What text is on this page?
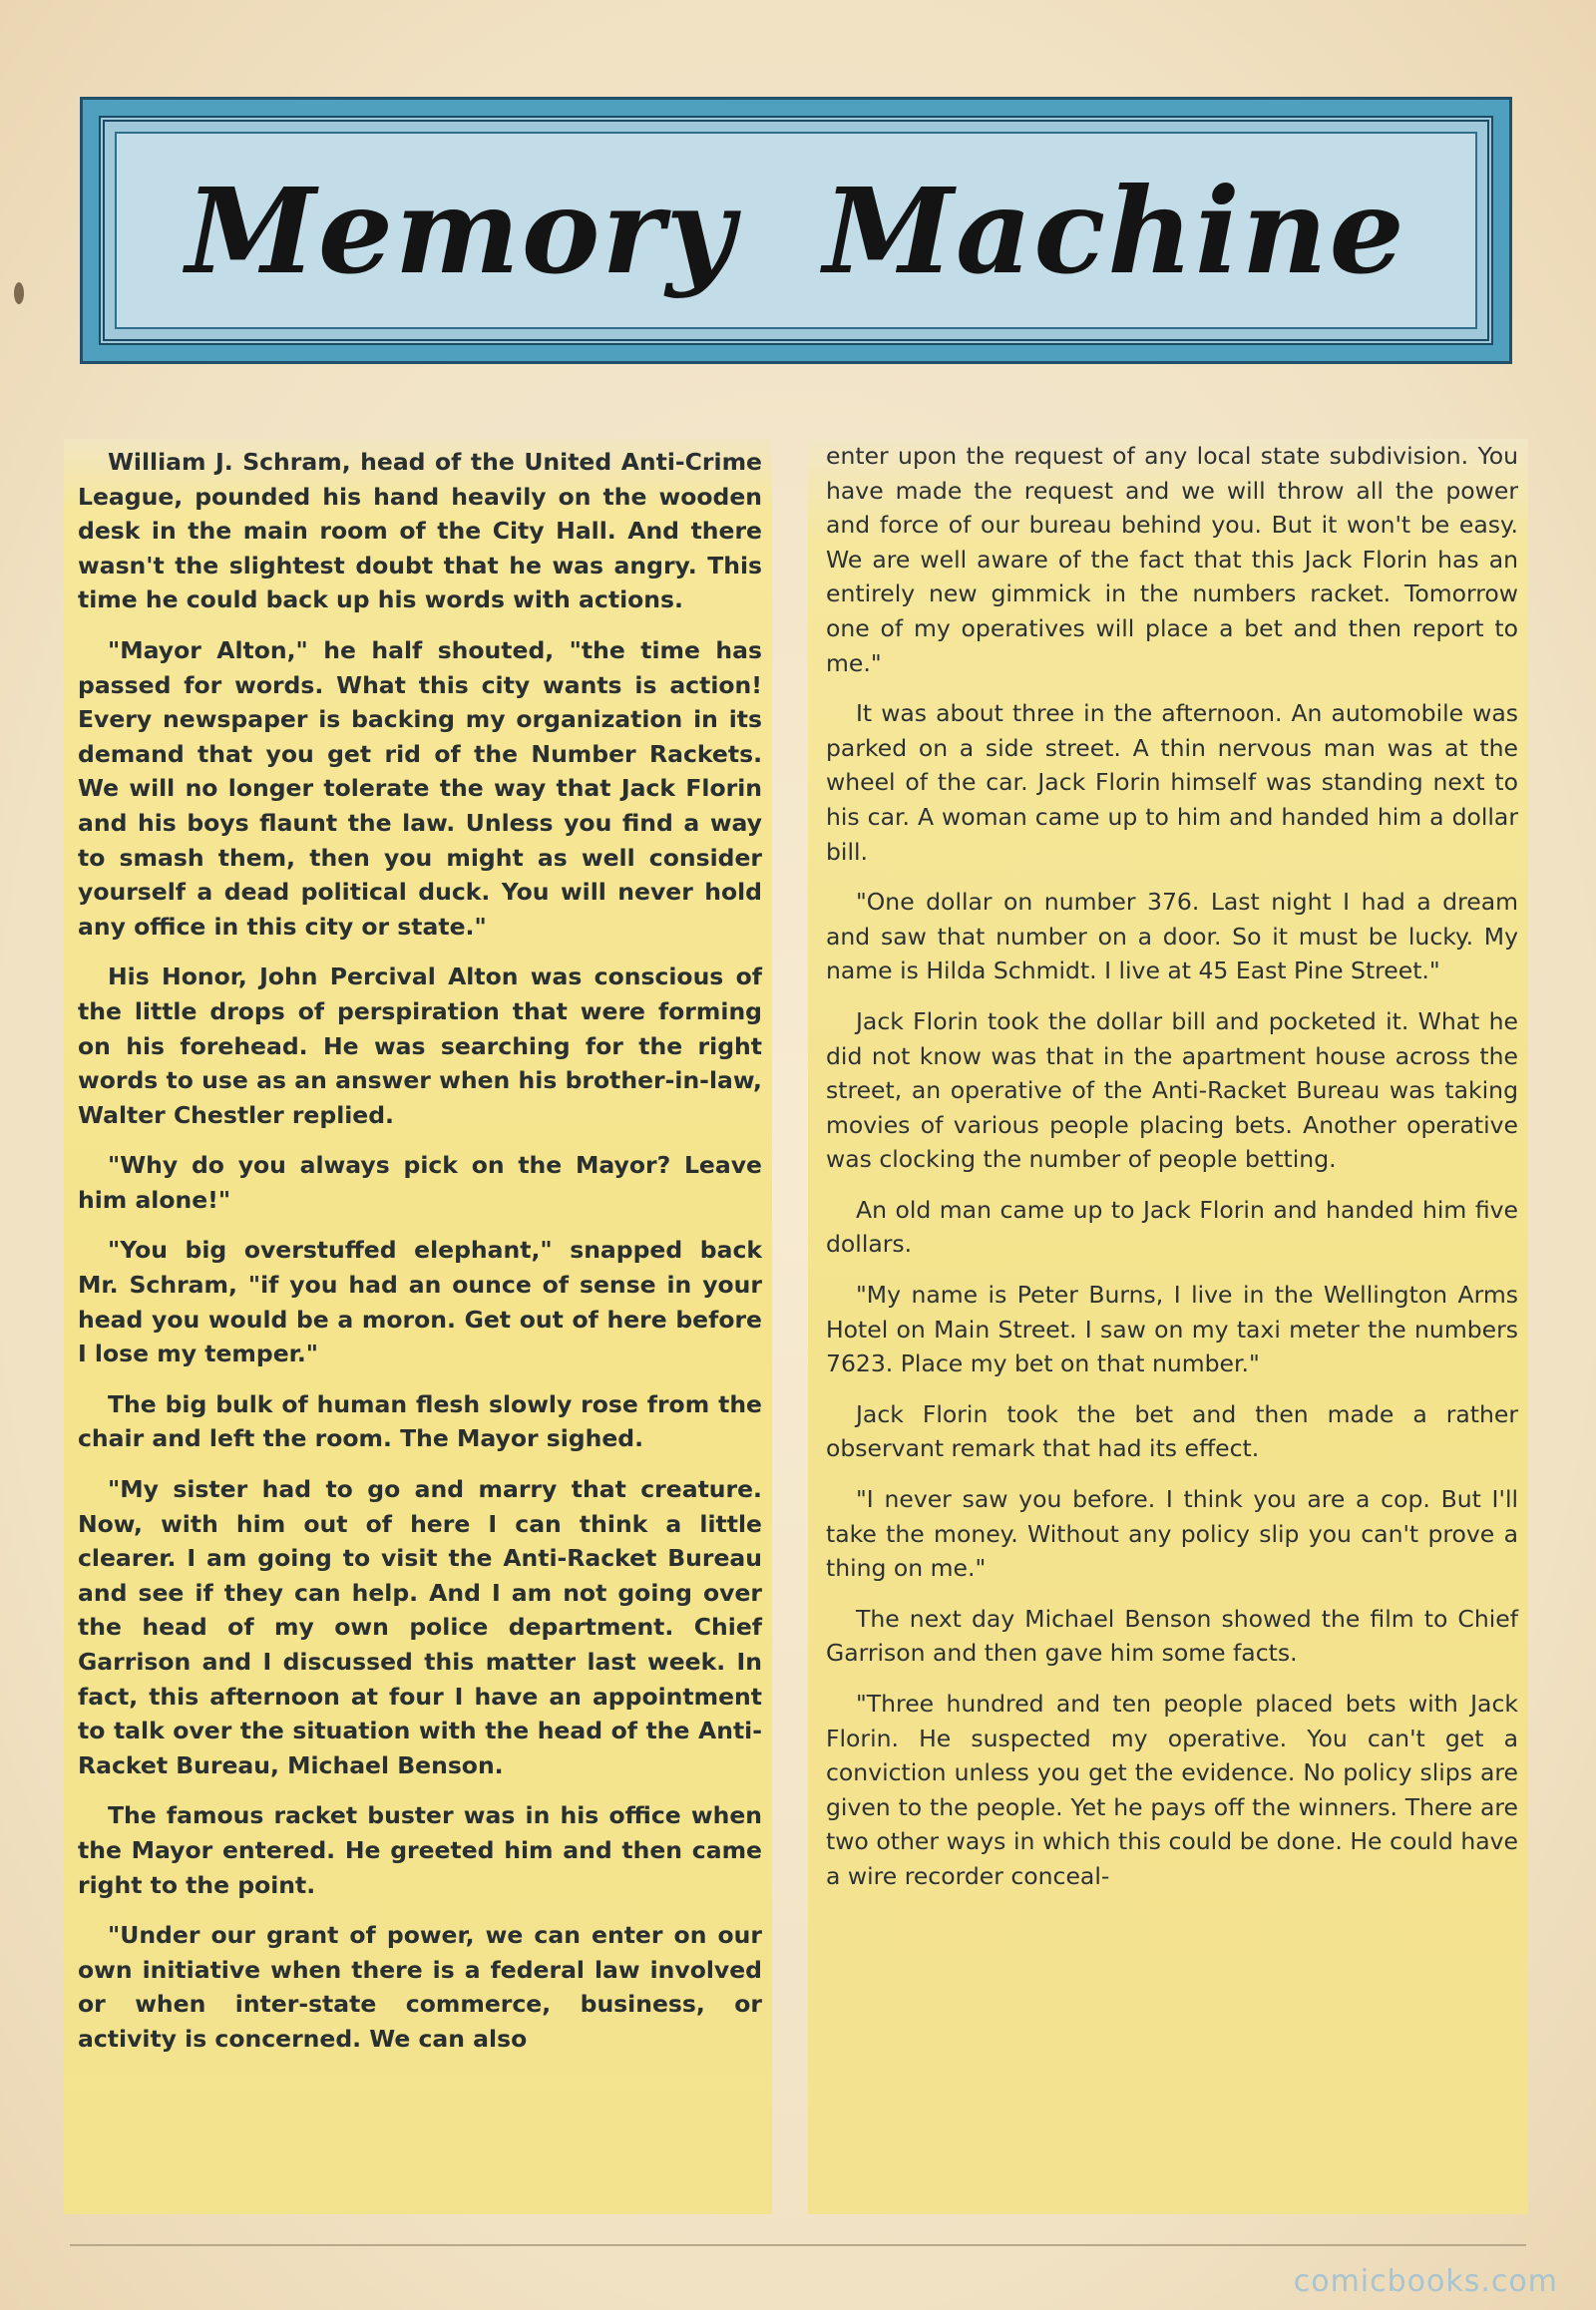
Memory Machine

William J. Schram, head of the United Anti-Crime League, pounded his hand heavily on the wooden desk in the main room of the City Hall. And there wasn't the slightest doubt that he was angry. This time he could back up his words with actions.

"Mayor Alton," he half shouted, "the time has passed for words. What this city wants is action! Every newspaper is backing my organization in its demand that you get rid of the Number Rackets. We will no longer tolerate the way that Jack Florin and his boys flaunt the law. Unless you find a way to smash them, then you might as well consider yourself a dead political duck. You will never hold any office in this city or state."

His Honor, John Percival Alton was conscious of the little drops of perspiration that were forming on his forehead. He was searching for the right words to use as an answer when his brother-in-law, Walter Chestler replied.

"Why do you always pick on the Mayor? Leave him alone!"

"You big overstuffed elephant," snapped back Mr. Schram, "if you had an ounce of sense in your head you would be a moron. Get out of here before I lose my temper."

The big bulk of human flesh slowly rose from the chair and left the room. The Mayor sighed.

"My sister had to go and marry that creature. Now, with him out of here I can think a little clearer. I am going to visit the Anti-Racket Bureau and see if they can help. And I am not going over the head of my own police department. Chief Garrison and I discussed this matter last week. In fact, this afternoon at four I have an appointment to talk over the situation with the head of the Anti-Racket Bureau, Michael Benson.

The famous racket buster was in his office when the Mayor entered. He greeted him and then came right to the point.

"Under our grant of power, we can enter on our own initiative when there is a federal law involved or when inter-state commerce, business, or activity is concerned. We can also

enter upon the request of any local state subdivision. You have made the request and we will throw all the power and force of our bureau behind you. But it won't be easy. We are well aware of the fact that this Jack Florin has an entirely new gimmick in the numbers racket. Tomorrow one of my operatives will place a bet and then report to me."

It was about three in the afternoon. An automobile was parked on a side street. A thin nervous man was at the wheel of the car. Jack Florin himself was standing next to his car. A woman came up to him and handed him a dollar bill.

"One dollar on number 376. Last night I had a dream and saw that number on a door. So it must be lucky. My name is Hilda Schmidt. I live at 45 East Pine Street."

Jack Florin took the dollar bill and pocketed it. What he did not know was that in the apartment house across the street, an operative of the Anti-Racket Bureau was taking movies of various people placing bets. Another operative was clocking the number of people betting.

An old man came up to Jack Florin and handed him five dollars.

"My name is Peter Burns, I live in the Wellington Arms Hotel on Main Street. I saw on my taxi meter the numbers 7623. Place my bet on that number."

Jack Florin took the bet and then made a rather observant remark that had its effect.

"I never saw you before. I think you are a cop. But I'll take the money. Without any policy slip you can't prove a thing on me."

The next day Michael Benson showed the film to Chief Garrison and then gave him some facts.

"Three hundred and ten people placed bets with Jack Florin. He suspected my operative. You can't get a conviction unless you get the evidence. No policy slips are given to the people. Yet he pays off the winners. There are two other ways in which this could be done. He could have a wire recorder conceal-

comicbooks.com
